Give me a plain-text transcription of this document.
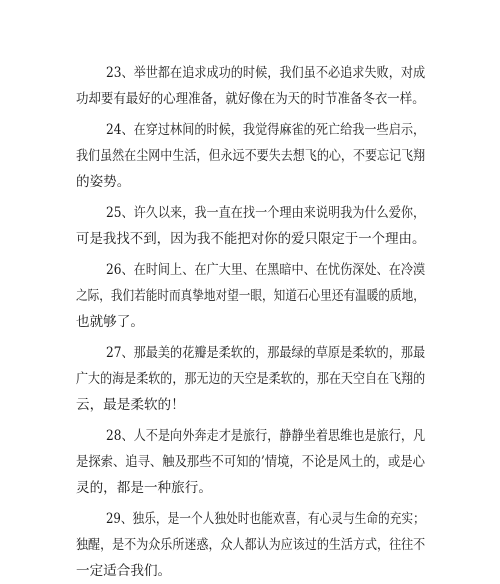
23、举世都在追求成功的时候，我们虽不必追求失败，对成
功却要有最好的心理准备，就好像在为天的时节准备冬衣一样。
24、在穿过林间的时候，我觉得麻雀的死亡给我一些启示，
我们虽然在尘网中生活，但永远不要失去想飞的心，不要忘记飞翔
的姿势。
25、许久以来，我一直在找一个理由来说明我为什么爱你，
可是我找不到，因为我不能把对你的爱只限定于一个理由。
26、在时间上、在广大里、在黑暗中、在忧伤深处、在冷漠
之际，我们若能时而真挚地对望一眼，知道石心里还有温暖的质地，
也就够了。
27、那最美的花瓣是柔软的，那最绿的草原是柔软的，那最
广大的海是柔软的，那无边的天空是柔软的，那在天空自在飞翔的
云，最是柔软的！
28、人不是向外奔走才是旅行，静静坐着思维也是旅行，凡
是探索、追寻、触及那些不可知的’情境，不论是风土的，或是心
灵的，都是一种旅行。
29、独乐，是一个人独处时也能欢喜，有心灵与生命的充实；
独醒，是不为众乐所迷惑，众人都认为应该过的生活方式，往往不
一定适合我们。
